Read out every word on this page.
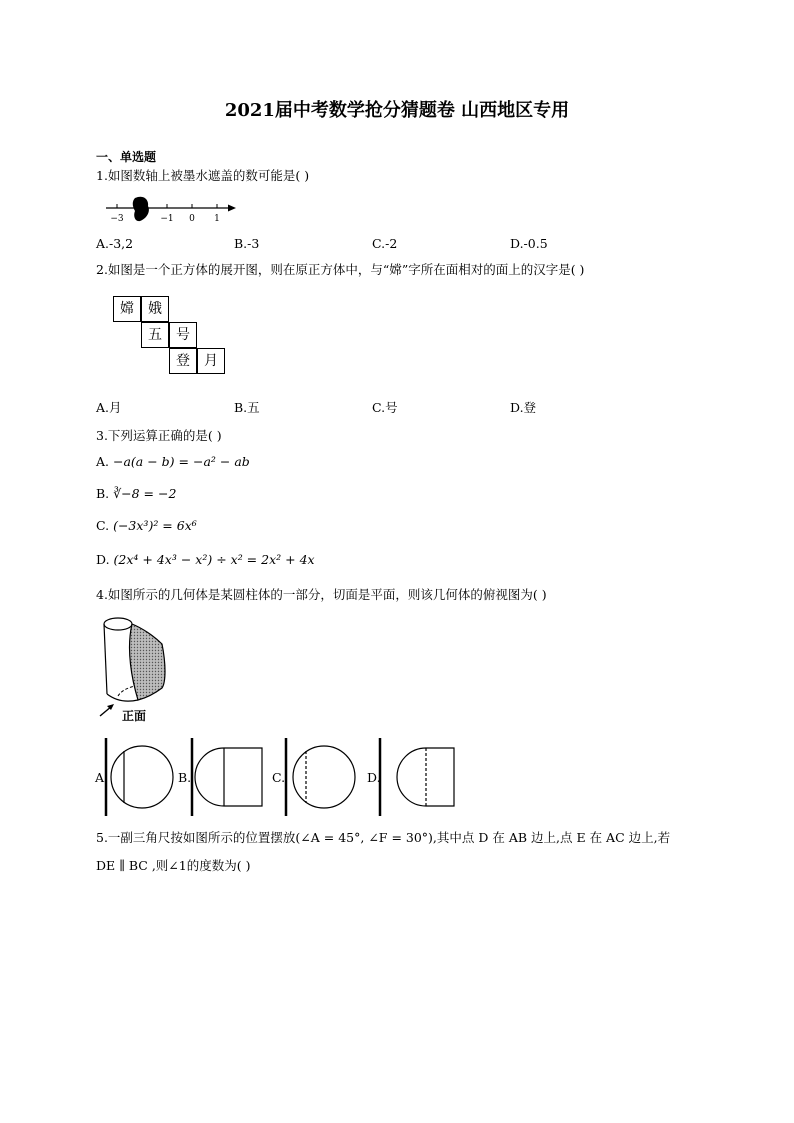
2021届中考数学抢分猜题卷 山西地区专用
一、单选题
1.如图数轴上被墨水遮盖的数可能是( )
−3	−1 0 1
A.-3,2	B.-3	C.-2	D.-0.5
2.如图是一个正方体的展开图，则在原正方体中，与“嫦”字所在面相对的面上的汉字是( )
嫦	娥
五	号
登	月
A.月	B.五	C.号	D.登
3.下列运算正确的是( )
A. −a(a − b) = −a² − ab
B. ∛−8 = −2
C. (−3x³)² = 6x⁶
D. (2x⁴ + 4x³ − x²) ÷ x² = 2x² + 4x
4.如图所示的几何体是某圆柱体的一部分，切面是平面，则该几何体的俯视图为( )
正面
A.	B.	C.	D.
5.一副三角尺按如图所示的位置摆放(∠A = 45°, ∠F = 30°),其中点 D 在 AB 边上,点 E 在 AC 边上,若
DE ∥ BC ,则∠1的度数为( )
